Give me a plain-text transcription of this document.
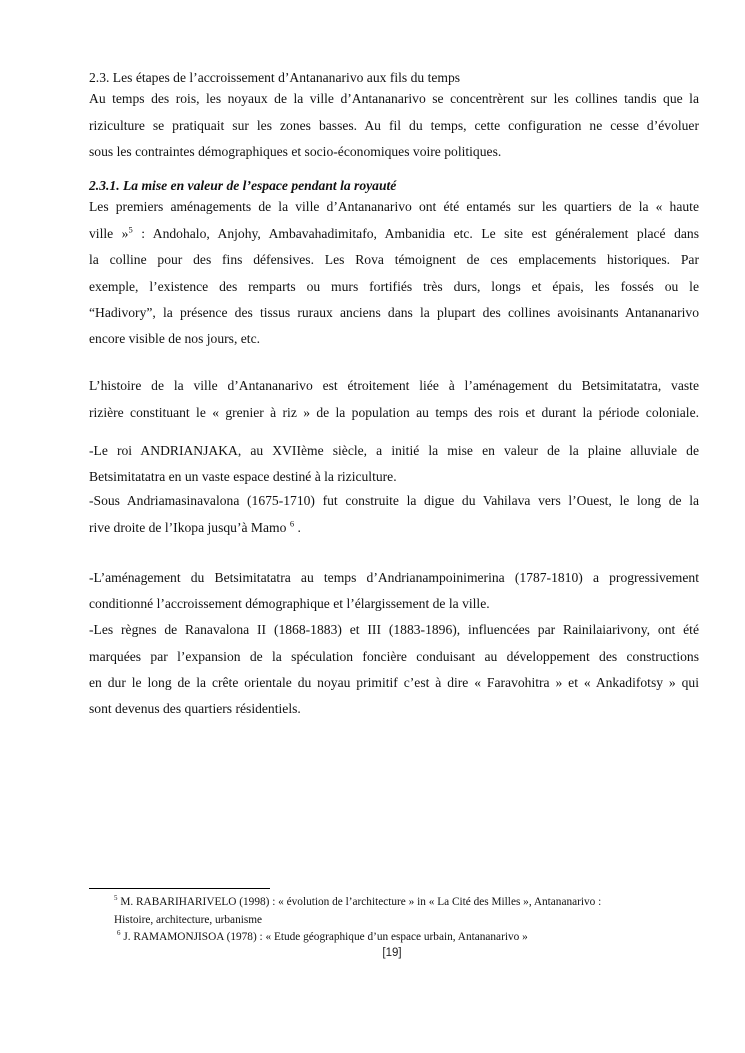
2.3. Les étapes de l’accroissement d’Antananarivo aux fils du temps
Au temps des rois, les noyaux de la ville d’Antananarivo se concentrèrent sur les collines tandis que la
riziculture se pratiquait sur les zones basses. Au fil du temps, cette configuration ne cesse d’évoluer
sous les contraintes démographiques et socio-économiques voire politiques.
2.3.1. La mise en valeur de l’espace pendant la royauté
Les premiers aménagements de la ville d’Antananarivo ont été entamés sur les quartiers de la « haute
ville »$^5$ : Andohalo, Anjohy, Ambavahadimitafo, Ambanidia etc. Le site est généralement placé dans
la colline pour des fins défensives. Les Rova témoignent de ces emplacements historiques. Par
exemple, l’existence des remparts ou murs fortifiés très durs, longs et épais, les fossés ou le
“Hadivory”, la présence des tissus ruraux anciens dans la plupart des collines avoisinants Antananarivo
encore visible de nos jours, etc.
L’histoire de la ville d’Antananarivo est étroitement liée à l’aménagement du Betsimitatatra, vaste
rizière constituant le « grenier à riz » de la population au temps des rois et durant la période coloniale.
-Le roi ANDRIANJAKA, au XVIIème siècle, a initié la mise en valeur de la plaine alluviale de
Betsimitatatra en un vaste espace destiné à la riziculture.
-Sous Andriamasinavalona (1675-1710) fut construite la digue du Vahilava vers l’Ouest, le long de la
rive droite de l’Ikopa jusqu’à Mamo $^6$ .
-L’aménagement du Betsimitatatra au temps d’Andrianampoinimerina (1787-1810) a progressivement
conditionné l’accroissement démographique et l’élargissement de la ville.
-Les règnes de Ranavalona II (1868-1883) et III (1883-1896), influencées par Rainilaiarivony, ont été
marquées par l’expansion de la spéculation foncière conduisant au développement des constructions
en dur le long de la crête orientale du noyau primitif c’est à dire « Faravohitra » et « Ankadifotsy » qui
sont devenus des quartiers résidentiels.
$^5$ M. RABARIHARIVELO (1998) : « évolution de l’architecture » in « La Cité des Milles », Antananarivo :
Histoire, architecture, urbanisme
$^6$ J. RAMAMONJISOA (1978) : « Etude géographique d’un espace urbain, Antananarivo »
[19]
